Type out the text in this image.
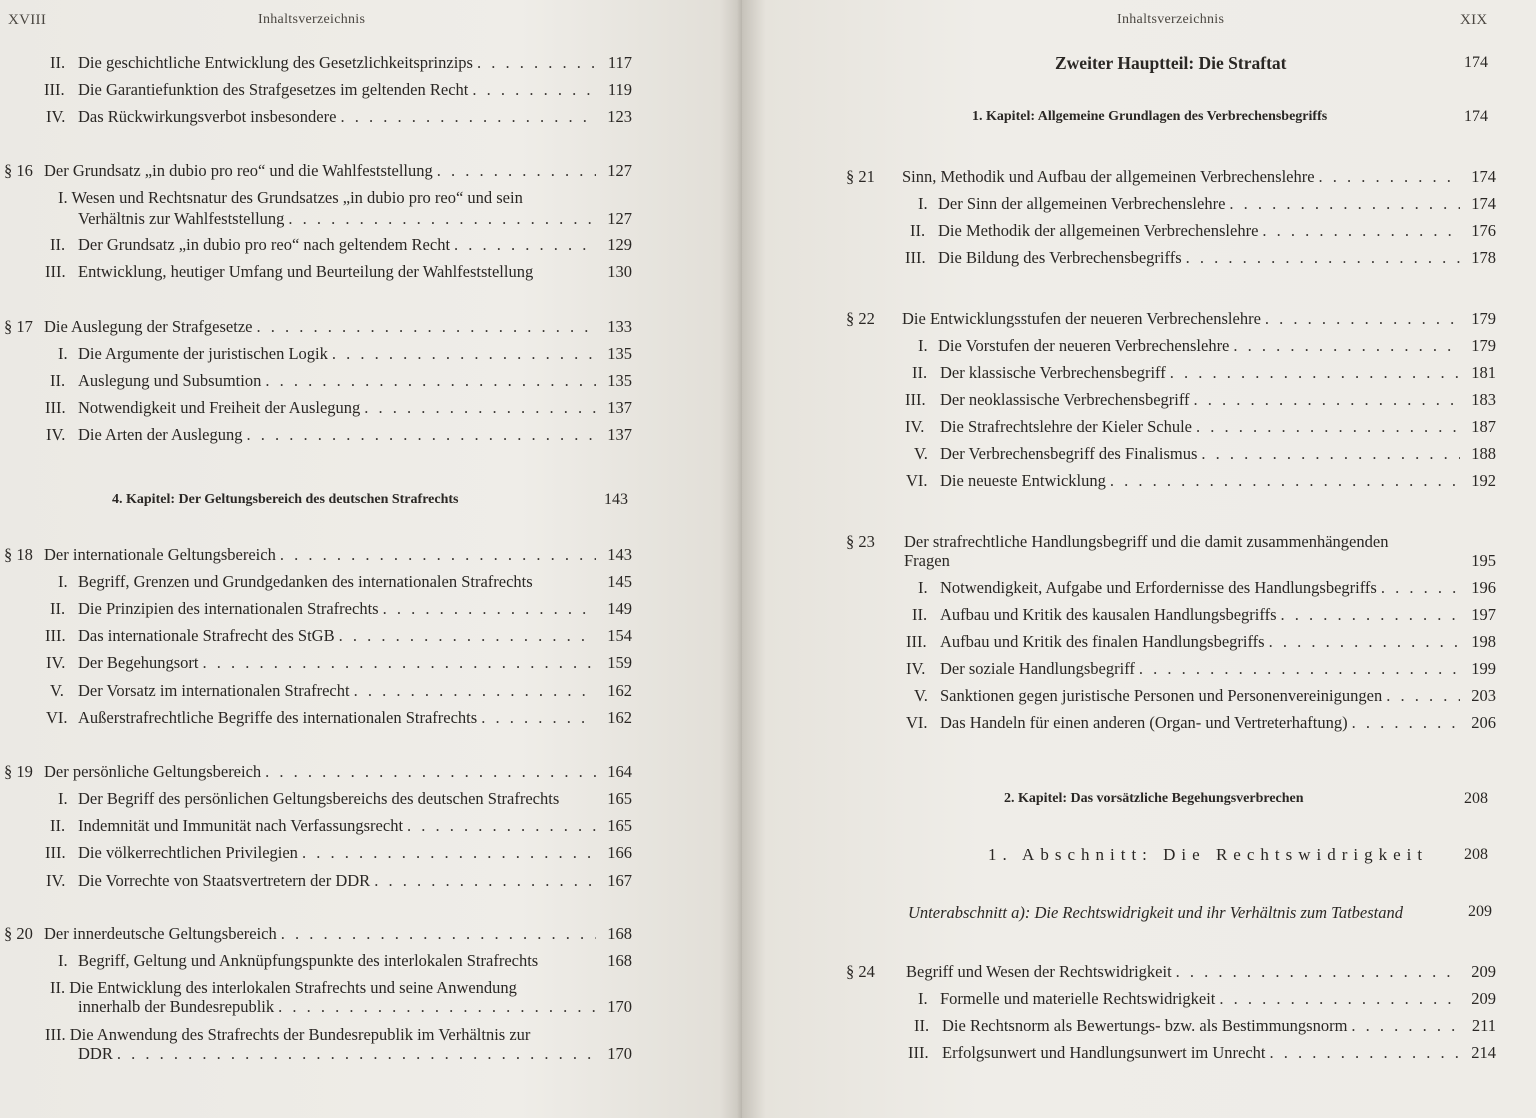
XVIII	Inhaltsverzeichnis
II. Die geschichtliche Entwicklung des Gesetzlichkeitsprinzips . . .	117
III. Die Garantiefunktion des Strafgesetzes im geltenden Recht . . .	119
IV. Das Rückwirkungsverbot insbesondere . . .	123
§ 16 Der Grundsatz „in dubio pro reo“ und die Wahlfeststellung . . .	127
I. Wesen und Rechtsnatur des Grundsatzes „in dubio pro reo“ und sein
Verhältnis zur Wahlfeststellung . . .	127
II. Der Grundsatz „in dubio pro reo“ nach geltendem Recht . . .	129
III. Entwicklung, heutiger Umfang und Beurteilung der Wahlfeststellung	130
§ 17 Die Auslegung der Strafgesetze . . .	133
I. Die Argumente der juristischen Logik . . .	135
II. Auslegung und Subsumtion . . .	135
III. Notwendigkeit und Freiheit der Auslegung . . .	137
IV. Die Arten der Auslegung . . .	137
4. Kapitel: Der Geltungsbereich des deutschen Strafrechts	143
§ 18 Der internationale Geltungsbereich . . .	143
I. Begriff, Grenzen und Grundgedanken des internationalen Strafrechts	145
II. Die Prinzipien des internationalen Strafrechts . . .	149
III. Das internationale Strafrecht des StGB . . .	154
IV. Der Begehungsort . . .	159
V. Der Vorsatz im internationalen Strafrecht . . .	162
VI. Außerstrafrechtliche Begriffe des internationalen Strafrechts . . .	162
§ 19 Der persönliche Geltungsbereich . . .	164
I. Der Begriff des persönlichen Geltungsbereichs des deutschen Strafrechts	165
II. Indemnität und Immunität nach Verfassungsrecht . . .	165
III. Die völkerrechtlichen Privilegien . . .	166
IV. Die Vorrechte von Staatsvertretern der DDR . . .	167
§ 20 Der innerdeutsche Geltungsbereich . . .	168
I. Begriff, Geltung und Anknüpfungspunkte des interlokalen Strafrechts	168
II. Die Entwicklung des interlokalen Strafrechts und seine Anwendung
innerhalb der Bundesrepublik . . .	170
III. Die Anwendung des Strafrechts der Bundesrepublik im Verhältnis zur
DDR . . .	170
Inhaltsverzeichnis	XIX
Zweiter Hauptteil: Die Straftat	174
1. Kapitel: Allgemeine Grundlagen des Verbrechensbegriffs	174
§ 21	Sinn, Methodik und Aufbau der allgemeinen Verbrechenslehre . . .	174
I. Der Sinn der allgemeinen Verbrechenslehre . . .	174
II. Die Methodik der allgemeinen Verbrechenslehre . . .	176
III. Die Bildung des Verbrechensbegriffs . . .	178
§ 22	Die Entwicklungsstufen der neueren Verbrechenslehre . . .	179
I. Die Vorstufen der neueren Verbrechenslehre . . .	179
II. Der klassische Verbrechensbegriff . . .	181
III. Der neoklassische Verbrechensbegriff . . .	183
IV. Die Strafrechtslehre der Kieler Schule . . .	187
V. Der Verbrechensbegriff des Finalismus . . .	188
VI. Die neueste Entwicklung . . .	192
§ 23 Der strafrechtliche Handlungsbegriff und die damit zusammenhängenden
Fragen	195
I. Notwendigkeit, Aufgabe und Erfordernisse des Handlungsbegriffs . . .	196
II. Aufbau und Kritik des kausalen Handlungsbegriffs . . .	197
III. Aufbau und Kritik des finalen Handlungsbegriffs . . .	198
IV. Der soziale Handlungsbegriff . . .	199
V. Sanktionen gegen juristische Personen und Personenvereinigungen . . .	203
VI. Das Handeln für einen anderen (Organ- und Vertreterhaftung) . . .	206
2. Kapitel: Das vorsätzliche Begehungsverbrechen	208
1. Abschnitt: Die Rechtswidrigkeit 208
Unterabschnitt a): Die Rechtswidrigkeit und ihr Verhältnis zum Tatbestand	209
§ 24	Begriff und Wesen der Rechtswidrigkeit . . .	209
I. Formelle und materielle Rechtswidrigkeit . . .	209
II. Die Rechtsnorm als Bewertungs- bzw. als Bestimmungsnorm . . .	211
III. Erfolgsunwert und Handlungsunwert im Unrecht . . .	214
